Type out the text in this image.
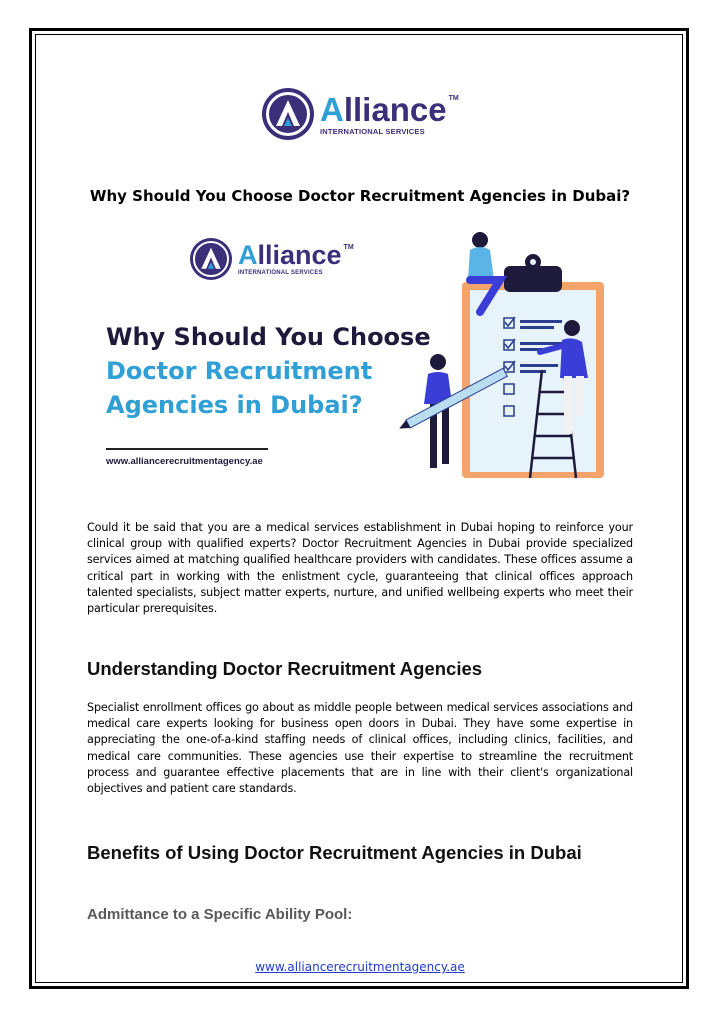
A lliance TM
INTERNATIONAL SERVICES
Why Should You Choose Doctor Recruitment Agencies in Dubai?
A lliance TM
INTERNATIONAL SERVICES
Why Should You Choose
Doctor Recruitment
Agencies in Dubai?
www.alliancerecruitmentagency.ae

Could it be said that you are a medical services establishment in Dubai hoping to reinforce your clinical group with qualified experts? Doctor Recruitment Agencies in Dubai provide specialized services aimed at matching qualified healthcare providers with candidates. These offices assume a critical part in working with the enlistment cycle, guaranteeing that clinical offices approach talented specialists, subject matter experts, nurture, and unified wellbeing experts who meet their particular prerequisites.

Understanding Doctor Recruitment Agencies

Specialist enrollment offices go about as middle people between medical services associations and medical care experts looking for business open doors in Dubai. They have some expertise in appreciating the one-of-a-kind staffing needs of clinical offices, including clinics, facilities, and medical care communities. These agencies use their expertise to streamline the recruitment process and guarantee effective placements that are in line with their client's organizational objectives and patient care standards.

Benefits of Using Doctor Recruitment Agencies in Dubai
Admittance to a Specific Ability Pool:
www.alliancerecruitmentagency.ae
